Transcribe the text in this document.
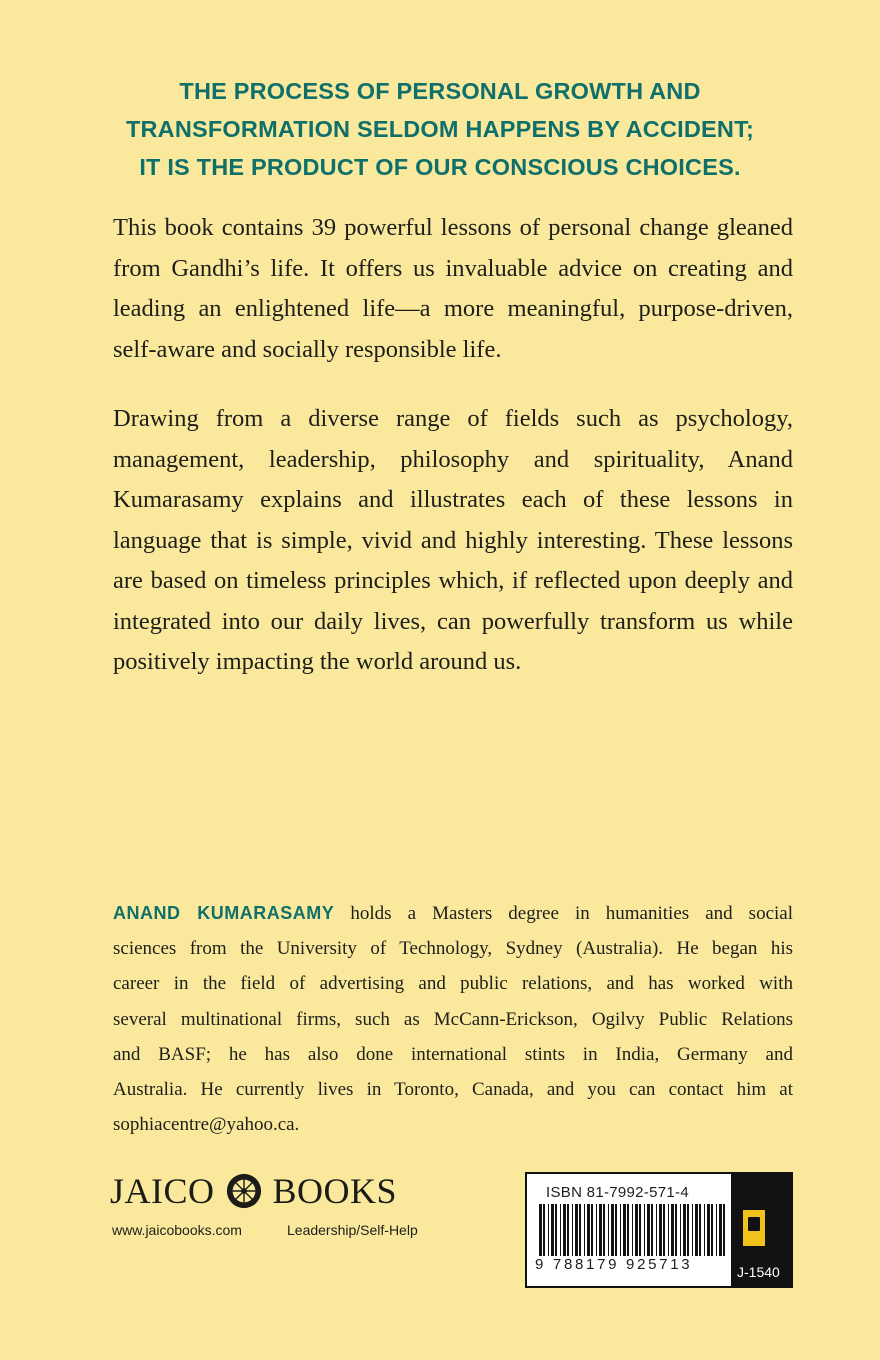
THE PROCESS OF PERSONAL GROWTH AND
TRANSFORMATION SELDOM HAPPENS BY ACCIDENT;
IT IS THE PRODUCT OF OUR CONSCIOUS CHOICES.
This book contains 39 powerful lessons of personal change gleaned
from Gandhi’s life. It offers us invaluable advice on creating and
leading an enlightened life—a more meaningful, purpose-driven,
self-aware and socially responsible life.
Drawing from a diverse range of fields such as psychology,
management, leadership, philosophy and spirituality, Anand
Kumarasamy explains and illustrates each of these lessons in
language that is simple, vivid and highly interesting. These lessons
are based on timeless principles which, if reflected upon deeply and
integrated into our daily lives, can powerfully transform us while
positively impacting the world around us.
ANAND KUMARASAMY holds a Masters degree in humanities and social
sciences from the University of Technology, Sydney (Australia). He began his
career in the field of advertising and public relations, and has worked with
several multinational firms, such as McCann-Erickson, Ogilvy Public Relations
and BASF; he has also done international stints in India, Germany and
Australia. He currently lives in Toronto, Canada, and you can contact him at
sophiacentre@yahoo.ca.
JAICO BOOKS
www.jaicobooks.com	Leadership/Self-Help
ISBN 81-7992-571-4
9 788179 925713	J-1540
